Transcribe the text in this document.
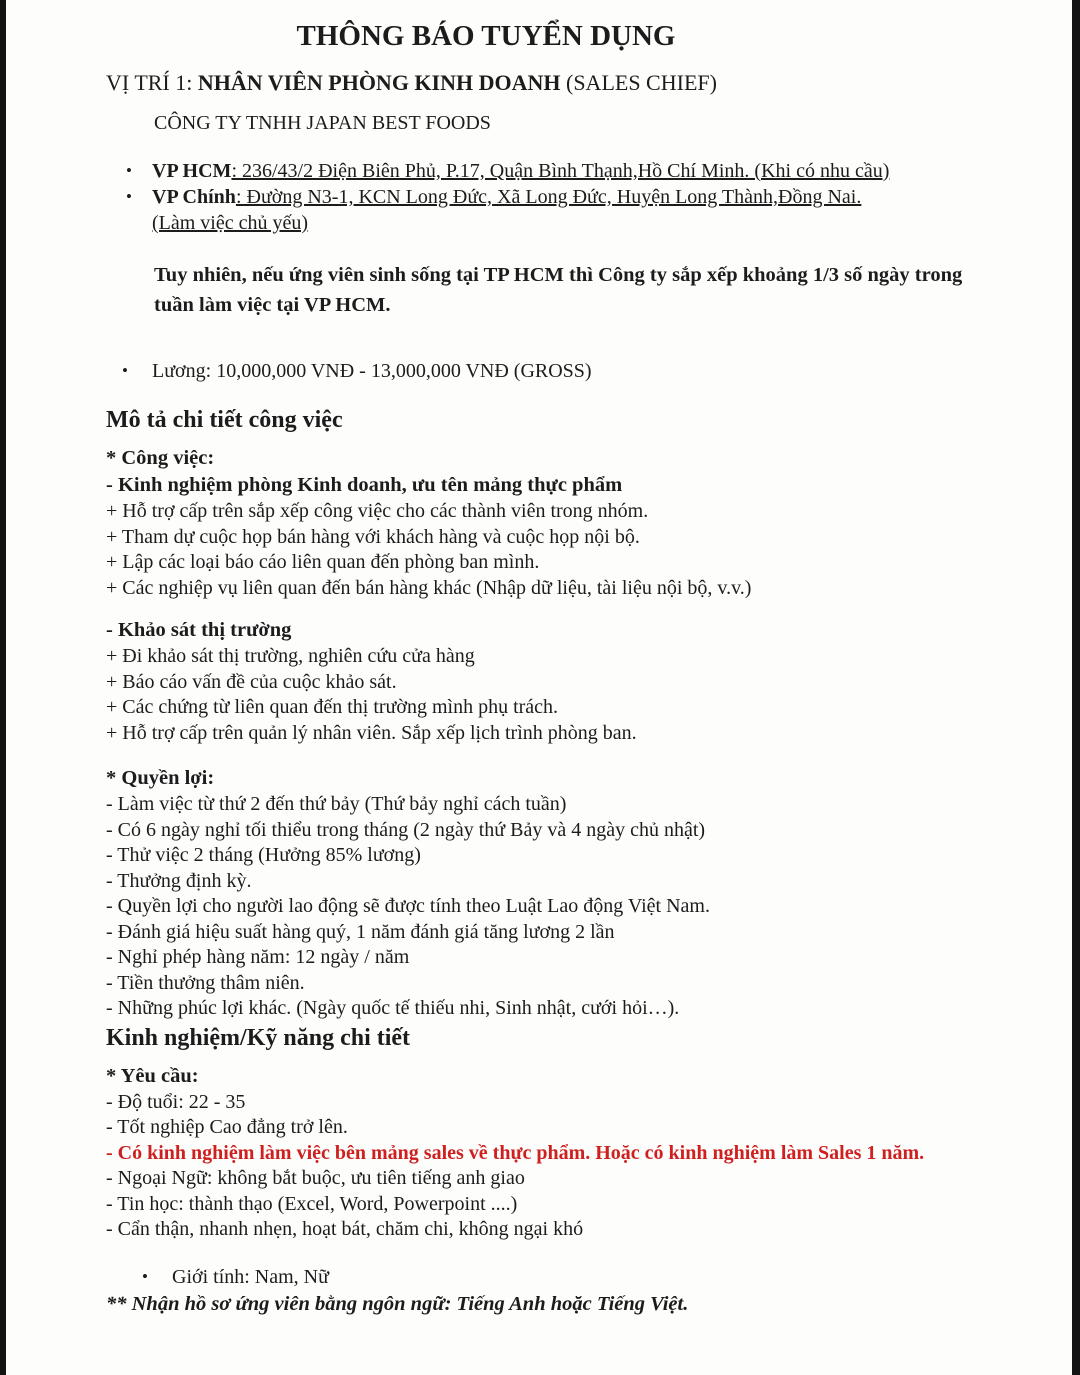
THÔNG BÁO TUYỂN DỤNG
VỊ TRÍ 1: NHÂN VIÊN PHÒNG KINH DOANH (SALES CHIEF)
CÔNG TY TNHH JAPAN BEST FOODS
•	VP HCM: 236/43/2 Điện Biên Phủ, P.17, Quận Bình Thạnh,Hồ Chí Minh. (Khi có nhu cầu)
•	VP Chính: Đường N3-1, KCN Long Đức, Xã Long Đức, Huyện Long Thành,Đồng Nai.(Làm việc chủ yếu)
Tuy nhiên, nếu ứng viên sinh sống tại TP HCM thì Công ty sắp xếp khoảng 1/3 số ngày trong tuần làm việc tại VP HCM.
•	Lương: 10,000,000 VNĐ - 13,000,000 VNĐ (GROSS)
Mô tả chi tiết công việc
* Công việc:
- Kinh nghiệm phòng Kinh doanh, ưu tên mảng thực phẩm
+ Hỗ trợ cấp trên sắp xếp công việc cho các thành viên trong nhóm.
+ Tham dự cuộc họp bán hàng với khách hàng và cuộc họp nội bộ.
+ Lập các loại báo cáo liên quan đến phòng ban mình.
+ Các nghiệp vụ liên quan đến bán hàng khác (Nhập dữ liệu, tài liệu nội bộ, v.v.)
- Khảo sát thị trường
+ Đi khảo sát thị trường, nghiên cứu cửa hàng
+ Báo cáo vấn đề của cuộc khảo sát.
+ Các chứng từ liên quan đến thị trường mình phụ trách.
+ Hỗ trợ cấp trên quản lý nhân viên. Sắp xếp lịch trình phòng ban.
* Quyền lợi:
- Làm việc từ thứ 2 đến thứ bảy (Thứ bảy nghỉ cách tuần)
- Có 6 ngày nghỉ tối thiểu trong tháng (2 ngày thứ Bảy và 4 ngày chủ nhật)
- Thử việc 2 tháng (Hưởng 85% lương)
- Thưởng định kỳ.
- Quyền lợi cho người lao động sẽ được tính theo Luật Lao động Việt Nam.
- Đánh giá hiệu suất hàng quý, 1 năm đánh giá tăng lương 2 lần
- Nghỉ phép hàng năm: 12 ngày / năm
- Tiền thưởng thâm niên.
- Những phúc lợi khác. (Ngày quốc tế thiếu nhi, Sinh nhật, cưới hỏi…).
Kinh nghiệm/Kỹ năng chi tiết
* Yêu cầu:
- Độ tuổi: 22 - 35
- Tốt nghiệp Cao đẳng trở lên.
- Có kinh nghiệm làm việc bên mảng sales về thực phẩm. Hoặc có kinh nghiệm làm Sales 1 năm.
- Ngoại Ngữ: không bắt buộc, ưu tiên tiếng anh giao
- Tin học: thành thạo (Excel, Word, Powerpoint ....)
- Cẩn thận, nhanh nhẹn, hoạt bát, chăm chi, không ngại khó
•	Giới tính: Nam, Nữ
** Nhận hồ sơ ứng viên bằng ngôn ngữ: Tiếng Anh hoặc Tiếng Việt.
